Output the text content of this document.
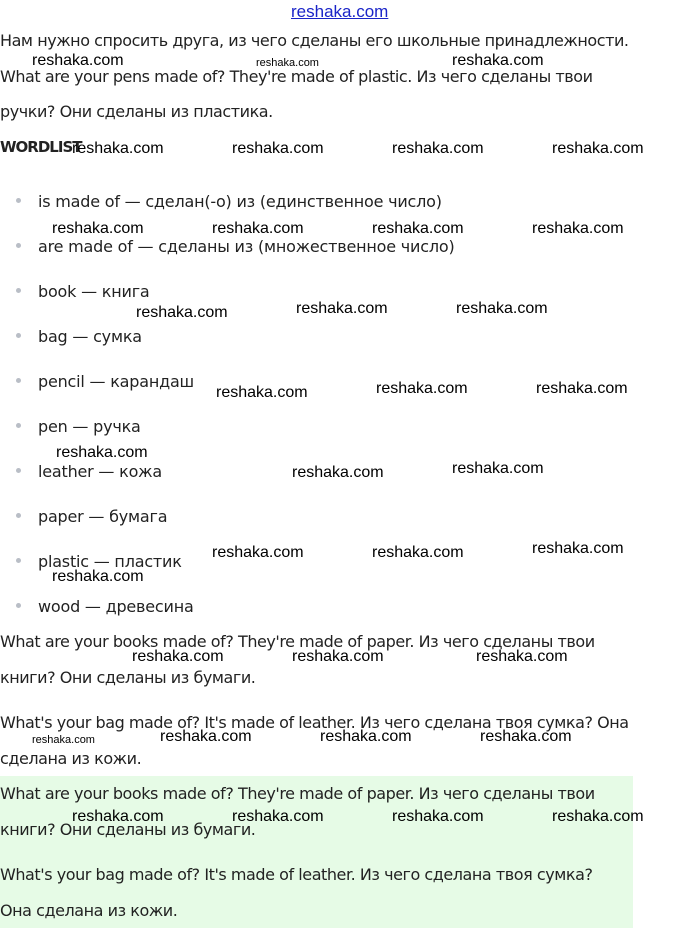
reshaka.com

Нам нужно спросить друга, из чего сделаны его школьные принадлежности.

What are your pens made of? They're made of plastic. Из чего сделаны твои

ручки? Они сделаны из пластика.

WORDLIST
is made of — сделан(-о) из (единственное число)
are made of — сделаны из (множественное число)
book — книга
bag — сумка
pencil — карандаш
pen — ручка
leather — кожа
paper — бумага
plastic — пластик
wood — древесина

What are your books made of? They're made of paper. Из чего сделаны твои

книги? Они сделаны из бумаги.

What's your bag made of? It's made of leather. Из чего сделана твоя сумка? Она

сделана из кожи.

What are your books made of? They're made of paper. Из чего сделаны твои

книги? Они сделаны из бумаги.

What's your bag made of? It's made of leather. Из чего сделана твоя сумка?

Она сделана из кожи.

reshaka.com	reshaka.com	reshaka.com
reshaka.com	reshaka.com	reshaka.com	reshaka.com
reshaka.com	reshaka.com	reshaka.com	reshaka.com
reshaka.com	reshaka.com	reshaka.com
reshaka.com	reshaka.com	reshaka.com
reshaka.com
reshaka.com	reshaka.com
reshaka.com	reshaka.com	reshaka.com
reshaka.com
reshaka.com	reshaka.com	reshaka.com
reshaka.com	reshaka.com	reshaka.com	reshaka.com
reshaka.com	reshaka.com	reshaka.com	reshaka.com
